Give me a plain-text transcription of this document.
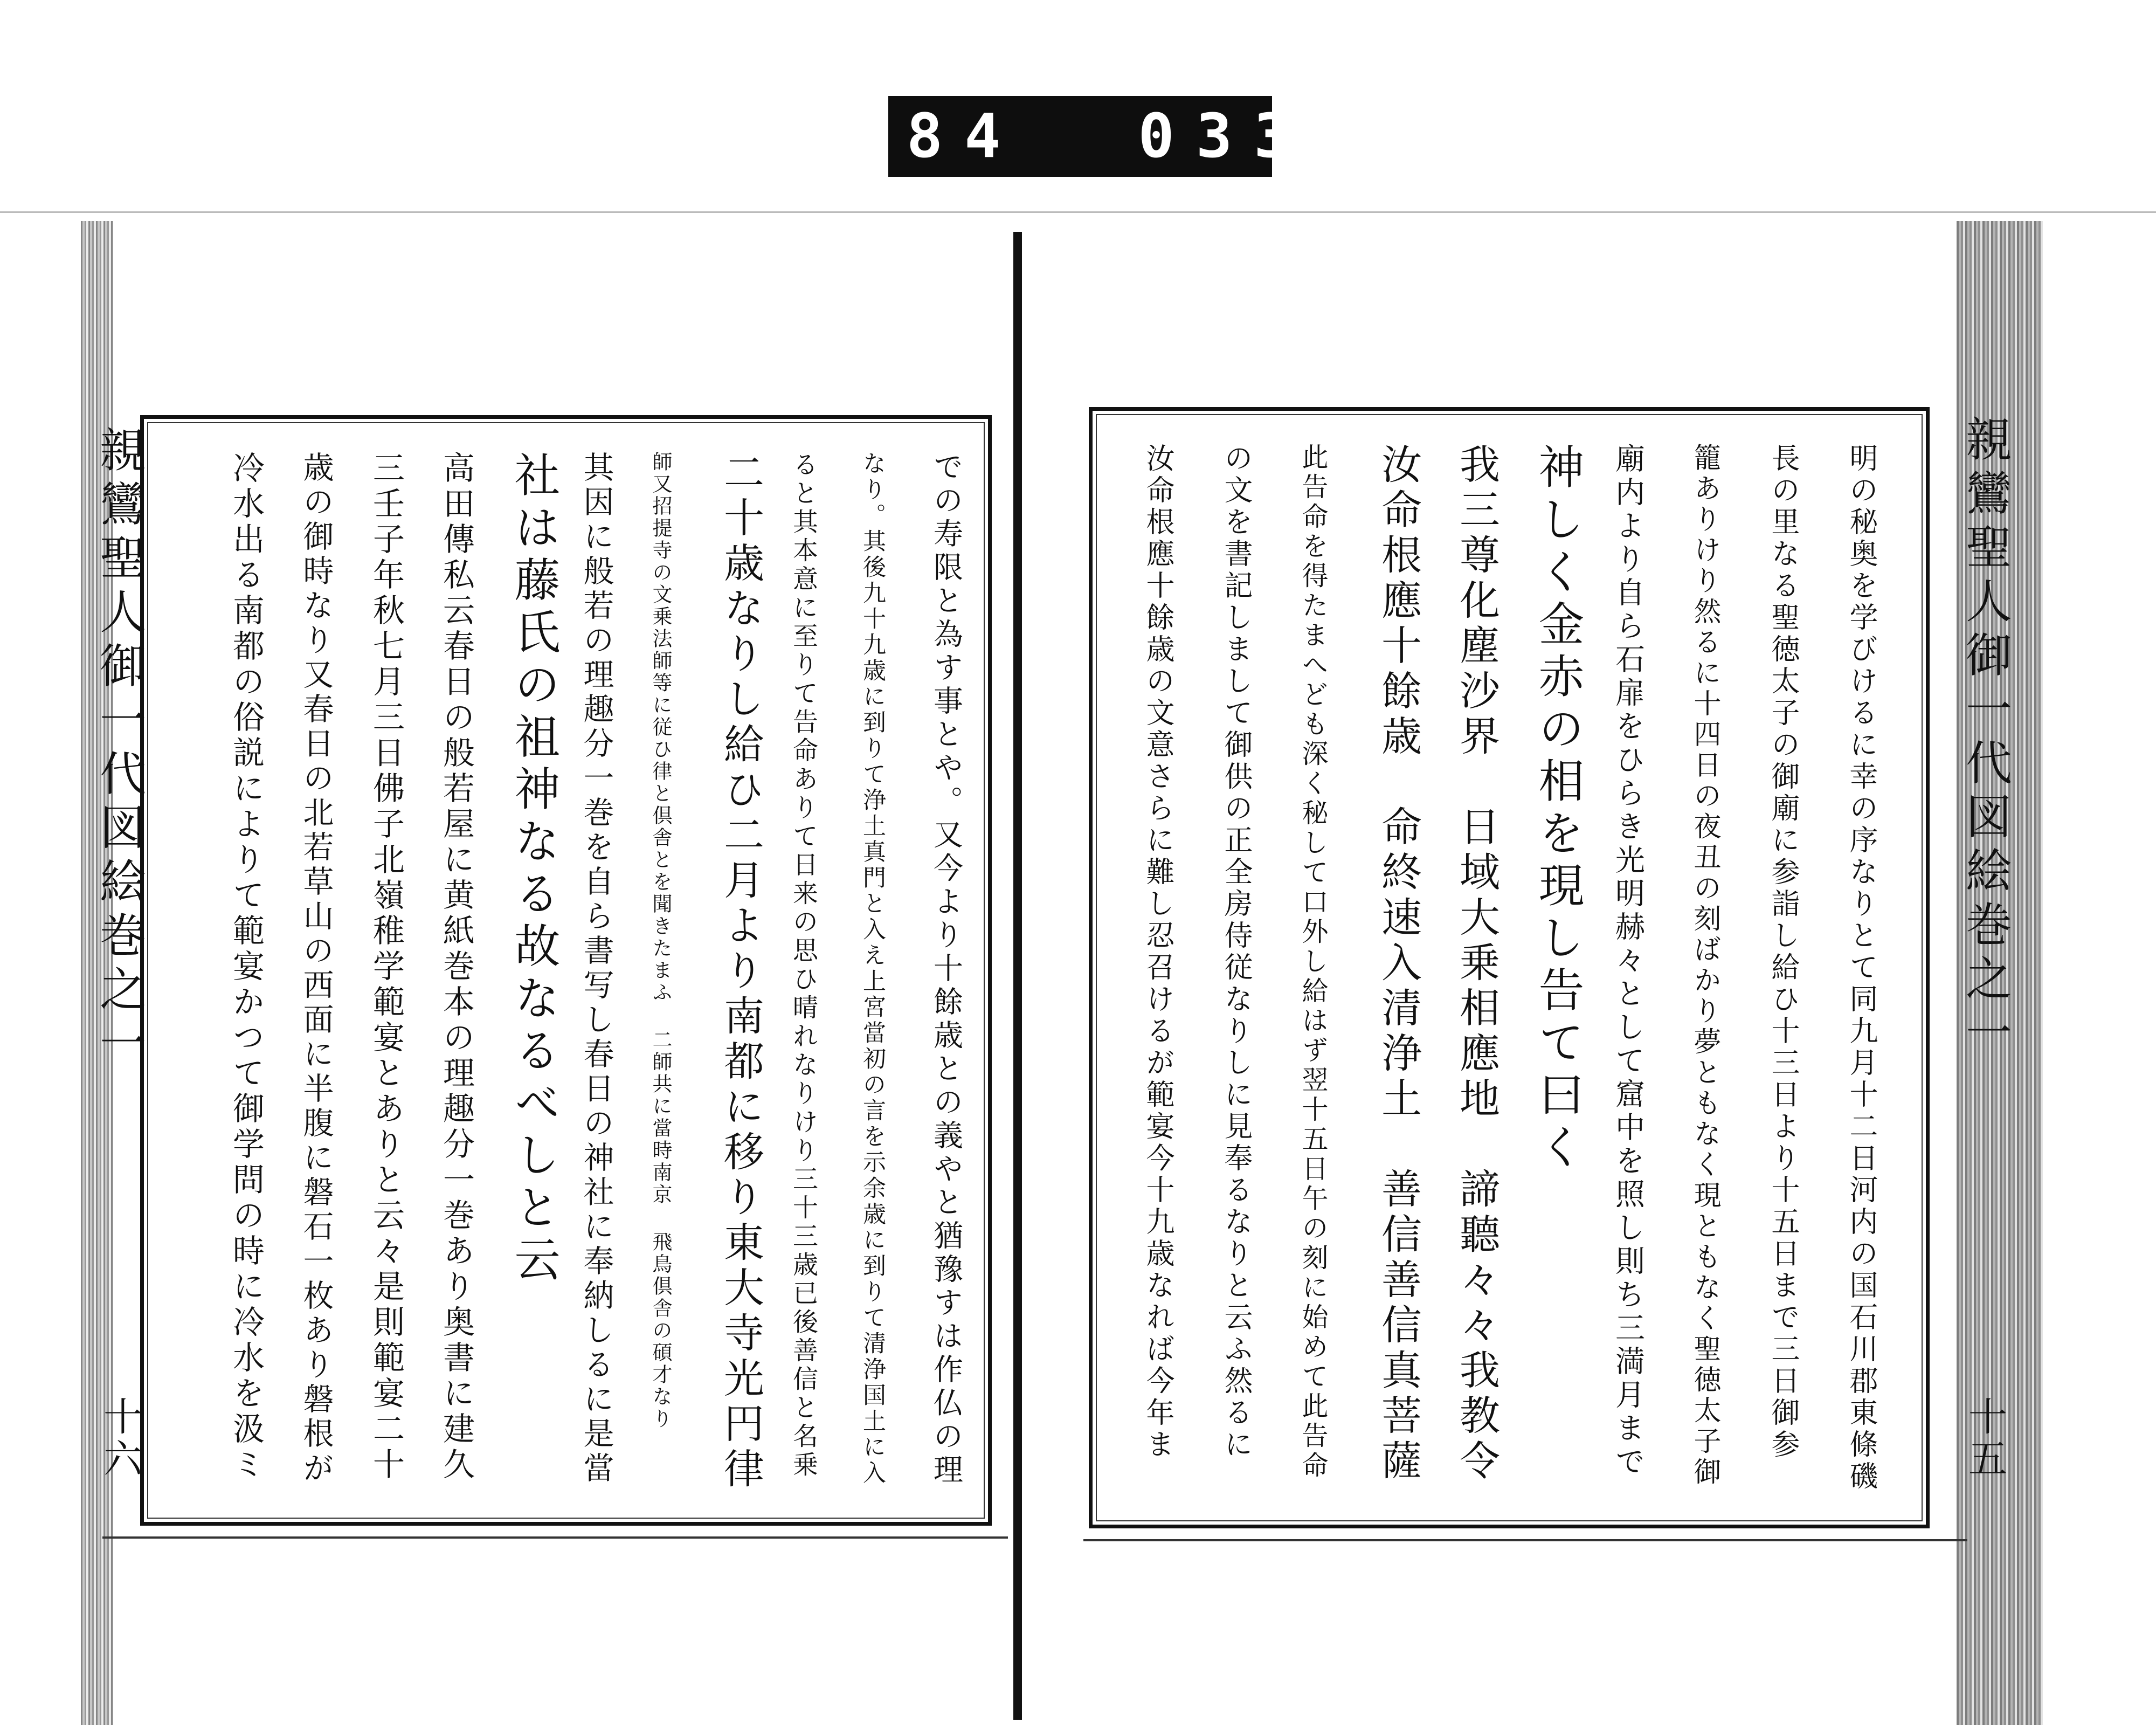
784  033
親鸞聖人御一代図絵巻之一
十六	での寿限と為す事とや。又今より十餘歳との義やと猶豫すは作仏の理
なり。其後九十九歳に到りて浄土真門と入え上宮當初の言を示余歳に到りて清浄国土に入
ると其本意に至りて告命ありて日来の思ひ晴れなりけり三十三歳已後善信と名乗
二十歳なりし給ひ二月より南都に移り東大寺光円律
師又招提寺の文乗法師等に従ひ律と倶舎とを聞きたまふ 二師共に當時南京 飛鳥倶舎の碩才なり
其因に般若の理趣分一巻を自ら書写し春日の神社に奉納しるに是當
社は藤氏の祖神なる故なるべしと云
高田傳私云春日の般若屋に黄紙巻本の理趣分一巻あり奥書に建久
三壬子年秋七月三日佛子北嶺稚学範宴とありと云々是則範宴二十
歳の御時なり又春日の北若草山の西面に半腹に磐石一枚あり磐根が
冷水出る南都の俗説によりて範宴かつて御学問の時に冷水を汲ミ	親鸞聖人御一代図絵巻之一
十五
明の秘奥を学びけるに幸の序なりとて同九月十二日河内の国石川郡東條磯
長の里なる聖徳太子の御廟に参詣し給ひ十三日より十五日まで三日御参
籠ありけり然るに十四日の夜丑の刻ばかり夢ともなく現ともなく聖徳太子御
廟内より自ら石扉をひらき光明赫々として窟中を照し則ち三満月まで
神しく金赤の相を現し告て曰く
我三尊化塵沙界　日域大乗相應地　諦聽々々我教令
汝命根應十餘歳　命終速入清浄土　善信善信真菩薩
此告命を得たまへども深く秘して口外し給はず翌十五日午の刻に始めて此告命
の文を書記しまして御供の正全房侍従なりしに見奉るなりと云ふ然るに
汝命根應十餘歳の文意さらに難し忍召けるが範宴今十九歳なれば今年ま
